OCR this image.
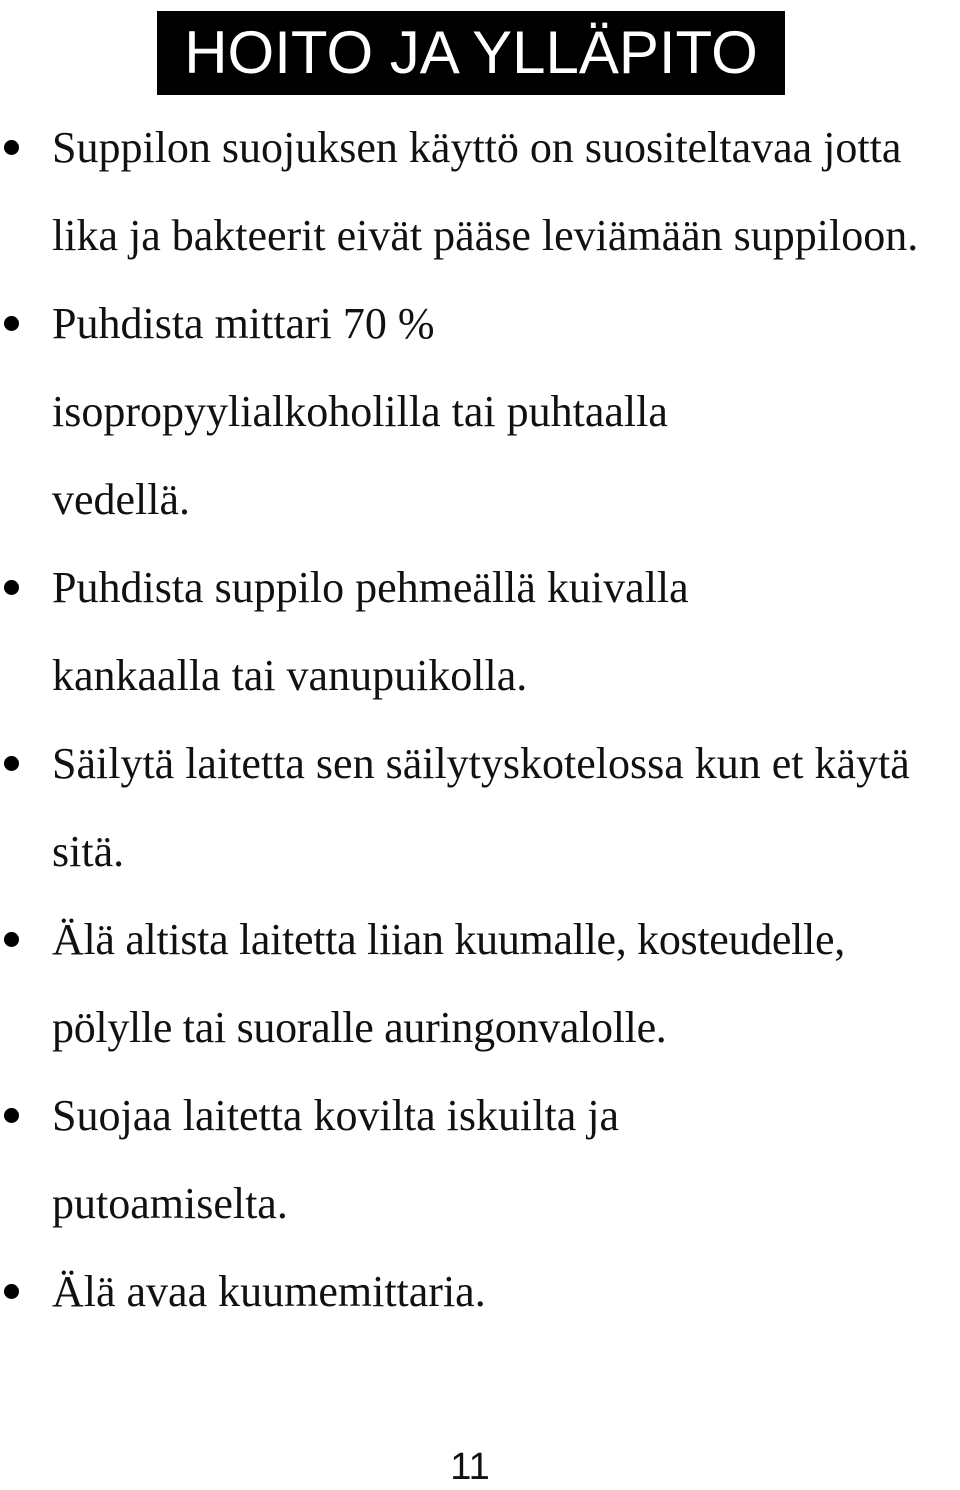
HOITO JA YLLÄPITO
Suppilon suojuksen käyttö on suositeltavaa jotta lika ja bakteerit eivät pääse leviämään suppiloon.
Puhdista mittari 70 % isopropyylialkoholilla tai puhtaalla vedellä.
Puhdista suppilo pehmeällä kuivalla kankaalla tai vanupuikolla.
Säilytä laitetta sen säilytyskotelossa kun et käytä sitä.
Älä altista laitetta liian kuumalle, kosteudelle, pölylle tai suoralle auringonvalolle.
Suojaa laitetta kovilta iskuilta ja putoamiselta.
Älä avaa kuumemittaria.
11
